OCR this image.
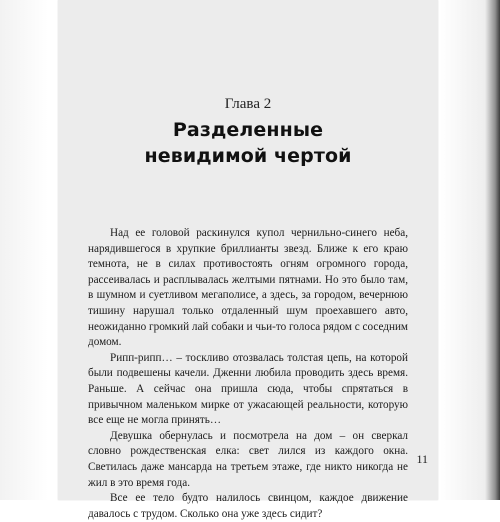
Глава 2
Разделенные
невидимой чертой

Над ее головой раскинулся купол чернильно-синего неба, нарядившегося в хрупкие бриллианты звезд. Ближе к его краю темнота, не в силах противостоять огням огромного города, рассеивалась и расплывалась желтыми пятнами. Но это было там, в шумном и суетливом мегаполисе, а здесь, за городом, вечернюю тишину нарушал только отдаленный шум проехавшего авто, неожиданно громкий лай собаки и чьи-то голоса рядом с соседним домом.

Рипп-рипп… – тоскливо отозвалась толстая цепь, на которой были подвешены качели. Дженни любила проводить здесь время. Раньше. А сейчас она пришла сюда, чтобы спрятаться в привычном маленьком мирке от ужасающей реальности, которую все еще не могла принять…

Девушка обернулась и посмотрела на дом – он сверкал словно рождественская елка: свет лился из каждого окна. Светилась даже мансарда на третьем этаже, где никто никогда не жил в это время года.

Все ее тело будто налилось свинцом, каждое движение давалось с трудом. Сколько она уже здесь сидит?

11
